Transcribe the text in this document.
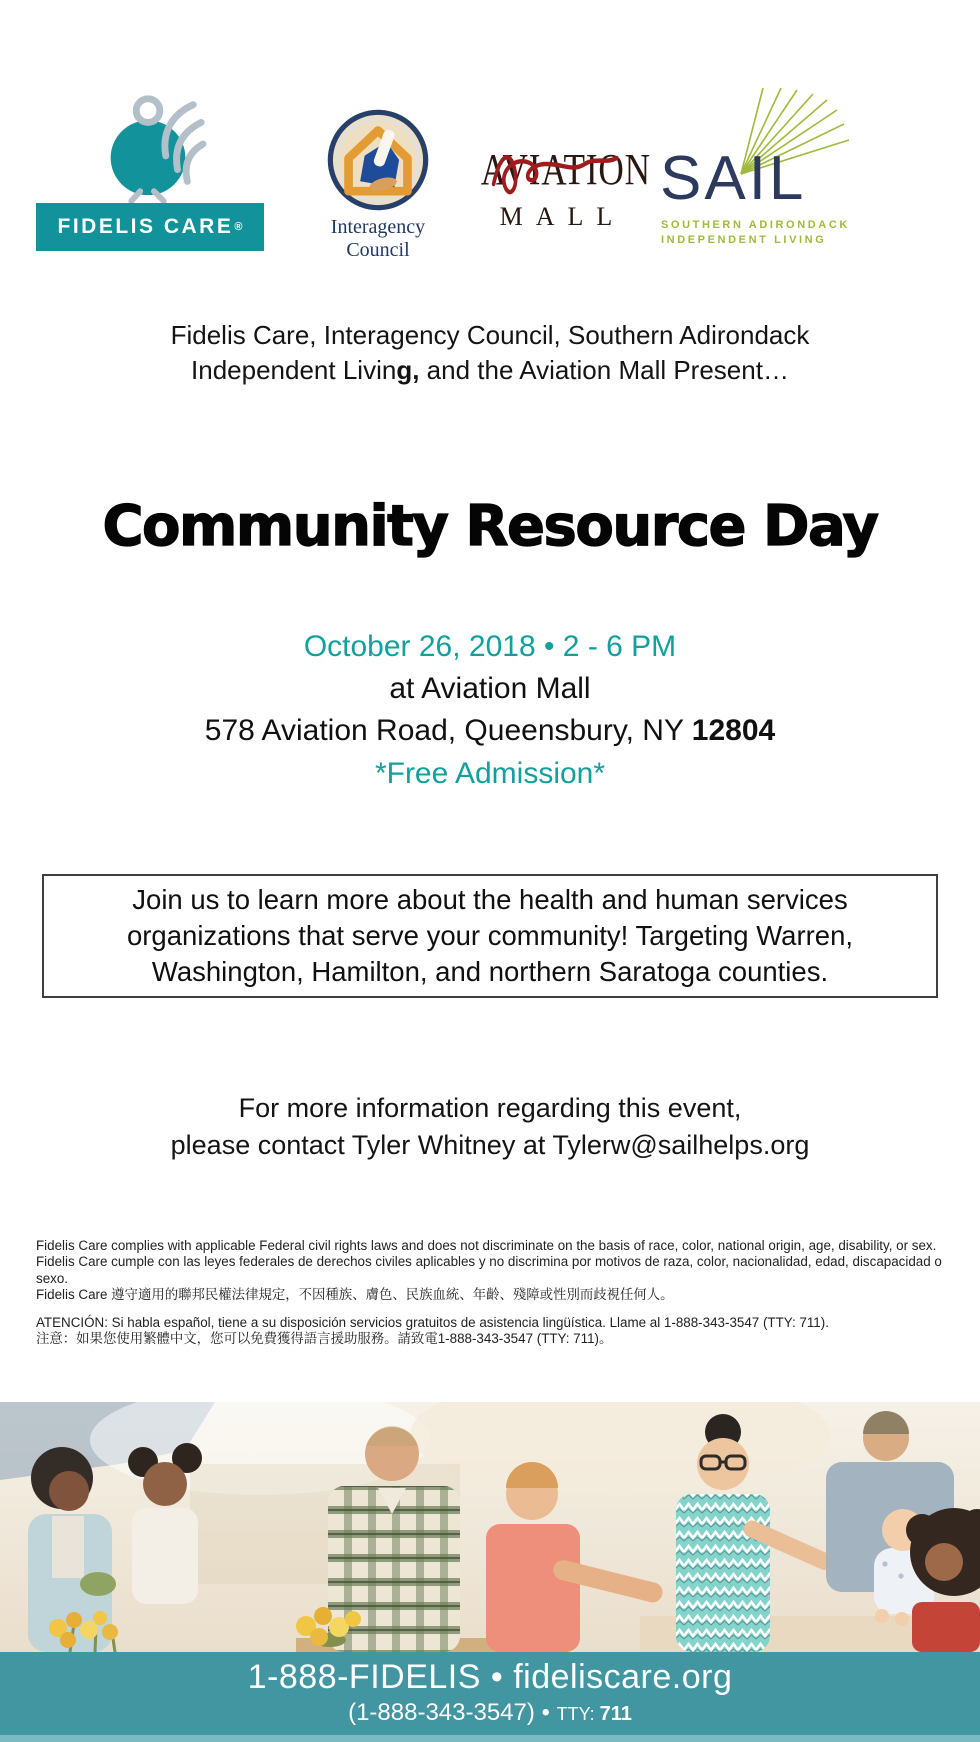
FIDELIS CARE ®	Interagency Council
AVIATION
MALL
SAIL
SOUTHERN ADIRONDACK
INDEPENDENT LIVING
Fidelis Care, Interagency Council, Southern Adirondack
Independent Living, and the Aviation Mall Present…
Community Resource Day
October 26, 2018 • 2 - 6 PM
at Aviation Mall
578 Aviation Road, Queensbury, NY 12804
*Free Admission*
Join us to learn more about the health and human services organizations that serve your community! Targeting Warren, Washington, Hamilton, and northern Saratoga counties.
For more information regarding this event,
please contact Tyler Whitney at Tylerw@sailhelps.org
Fidelis Care complies with applicable Federal civil rights laws and does not discriminate on the basis of race, color, national origin, age, disability, or sex.
Fidelis Care cumple con las leyes federales de derechos civiles aplicables y no discrimina por motivos de raza, color, nacionalidad, edad, discapacidad o sexo.
Fidelis Care 遵守適用的聯邦民權法律規定，不因種族、膚色、民族血統、年齡、殘障或性別而歧視任何人。
ATENCIÓN: Si habla español, tiene a su disposición servicios gratuitos de asistencia lingüística. Llame al 1-888-343-3547 (TTY: 711).
注意：如果您使用繁體中文，您可以免費獲得語言援助服務。請致電1-888-343-3547 (TTY: 711)。
1-888-FIDELIS • fideliscare.org
(1-888-343-3547) • TTY: 711
